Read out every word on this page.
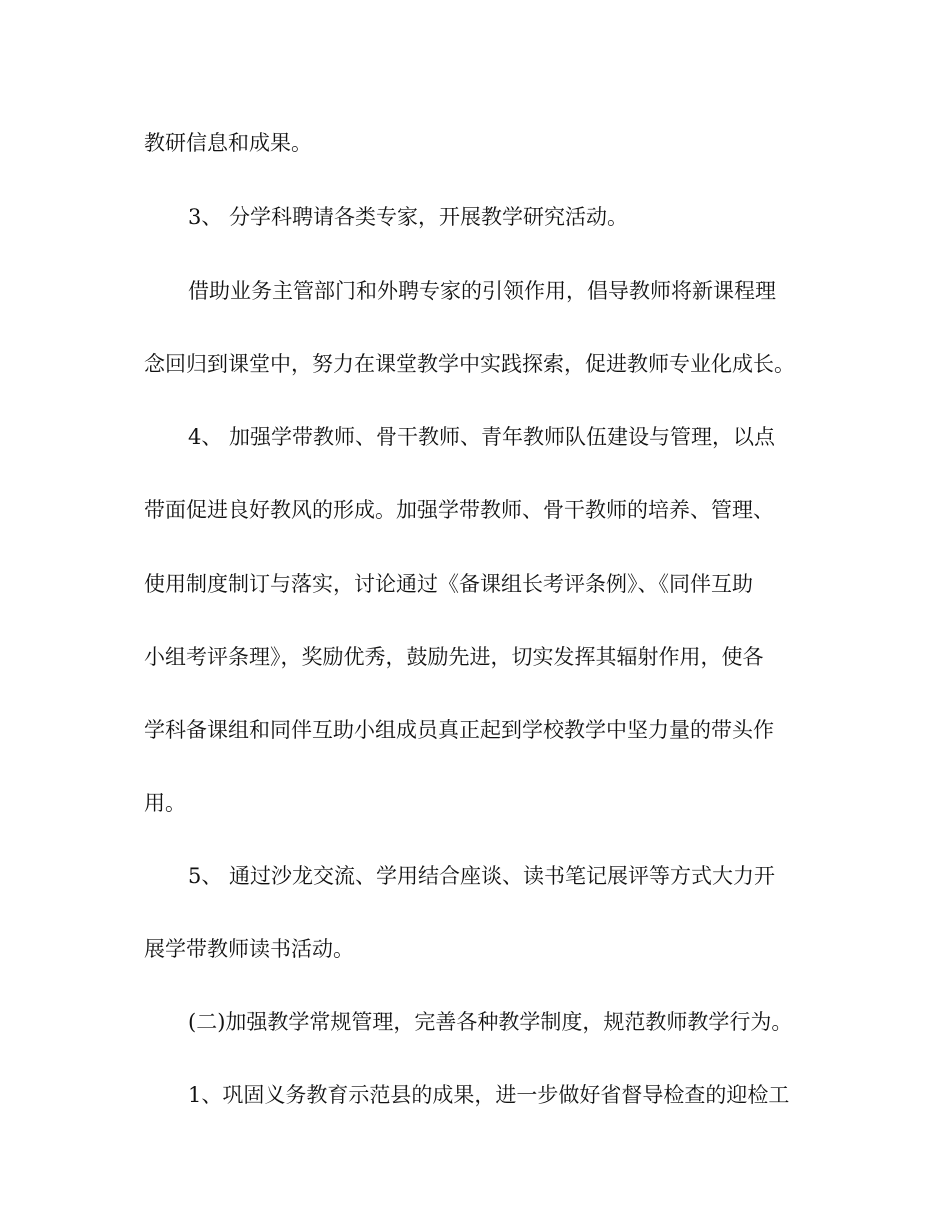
教研信息和成果。
3、 分学科聘请各类专家，开展教学研究活动。
借助业务主管部门和外聘专家的引领作用，倡导教师将新课程理
念回归到课堂中，努力在课堂教学中实践探索，促进教师专业化成长。
4、 加强学带教师、骨干教师、青年教师队伍建设与管理，以点
带面促进良好教风的形成。加强学带教师、骨干教师的培养、管理、
使用制度制订与落实，讨论通过《备课组长考评条例》、《同伴互助
小组考评条理》，奖励优秀，鼓励先进，切实发挥其辐射作用，使各
学科备课组和同伴互助小组成员真正起到学校教学中坚力量的带头作
用。
5、 通过沙龙交流、学用结合座谈、读书笔记展评等方式大力开
展学带教师读书活动。
(二)加强教学常规管理，完善各种教学制度，规范教师教学行为。
1、巩固义务教育示范县的成果，进一步做好省督导检查的迎检工
